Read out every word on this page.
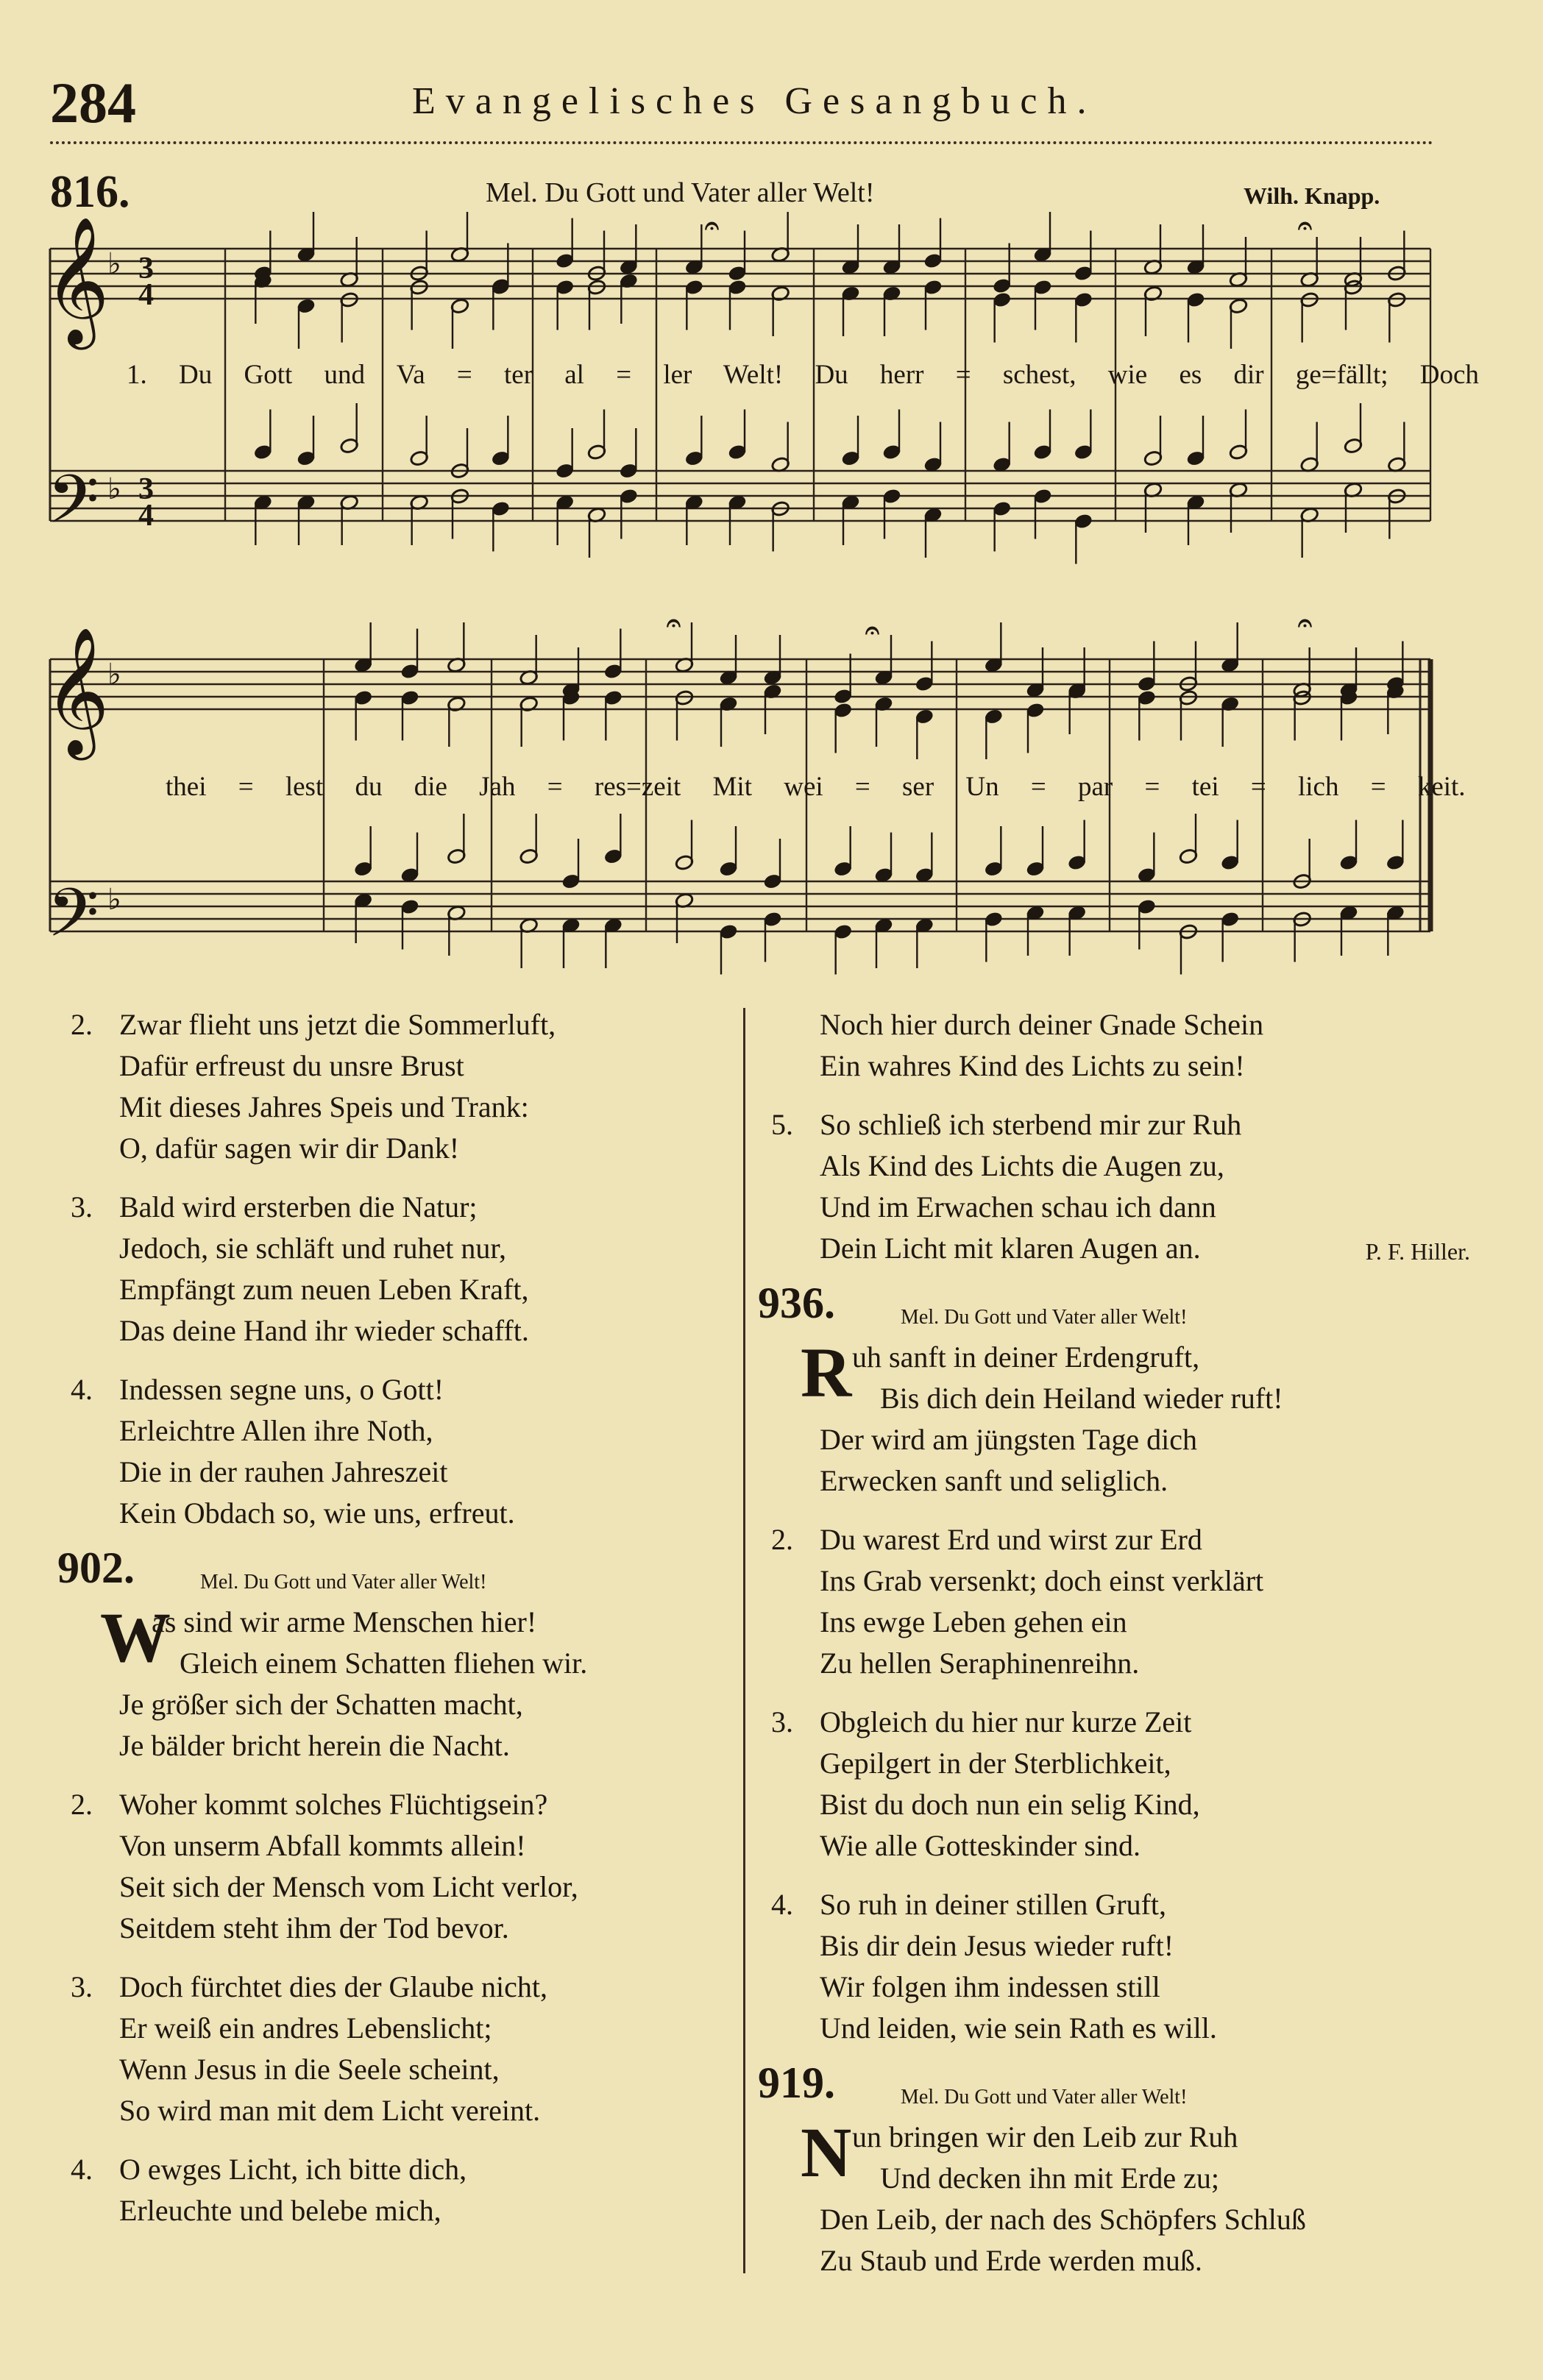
284	Evangelisches Gesangbuch.
816.	Mel. Du Gott und Vater aller Welt!	Wilh. Knapp.
𝄐	𝄐
𝄐	𝄐
𝄐
𝄞
𝄢
𝄞
𝄢
♭
♭
♭
♭
3
4
3
4
1. Du Gott und Va = ter al = ler Welt! Du herr = schest, wie es dir ge=fällt; Doch
thei = lest du die Jah = res=zeit Mit wei = ser Un = par = tei = lich = keit.
2. Zwar flieht uns jetzt die Sommerluft,
Dafür erfreust du unsre Brust
Mit dieses Jahres Speis und Trank:
O, dafür sagen wir dir Dank!
3. Bald wird ersterben die Natur;
Jedoch, sie schläft und ruhet nur,
Empfängt zum neuen Leben Kraft,
Das deine Hand ihr wieder schafft.
4. Indessen segne uns, o Gott!
Erleichtre Allen ihre Noth,
Die in der rauhen Jahreszeit
Kein Obdach so, wie uns, erfreut.
902.	Mel. Du Gott und Vater aller Welt!
W
as sind wir arme Menschen hier!
Gleich einem Schatten fliehen wir.
Je größer sich der Schatten macht,
Je bälder bricht herein die Nacht.
2. Woher kommt solches Flüchtigsein?
Von unserm Abfall kommts allein!
Seit sich der Mensch vom Licht verlor,
Seitdem steht ihm der Tod bevor.
3. Doch fürchtet dies der Glaube nicht,
Er weiß ein andres Lebenslicht;
Wenn Jesus in die Seele scheint,
So wird man mit dem Licht vereint.
4. O ewges Licht, ich bitte dich,
Erleuchte und belebe mich,
Noch hier durch deiner Gnade Schein
Ein wahres Kind des Lichts zu sein!
5. So schließ ich sterbend mir zur Ruh
Als Kind des Lichts die Augen zu,
Und im Erwachen schau ich dann
Dein Licht mit klaren Augen an.	P. F. Hiller.
936.	Mel. Du Gott und Vater aller Welt!
R uh sanft in deiner Erdengruft,
Bis dich dein Heiland wieder ruft!
Der wird am jüngsten Tage dich
Erwecken sanft und seliglich.
2. Du warest Erd und wirst zur Erd
Ins Grab versenkt; doch einst verklärt
Ins ewge Leben gehen ein
Zu hellen Seraphinenreihn.
3. Obgleich du hier nur kurze Zeit
Gepilgert in der Sterblichkeit,
Bist du doch nun ein selig Kind,
Wie alle Gotteskinder sind.
4. So ruh in deiner stillen Gruft,
Bis dir dein Jesus wieder ruft!
Wir folgen ihm indessen still
Und leiden, wie sein Rath es will.
919.	Mel. Du Gott und Vater aller Welt!
N un bringen wir den Leib zur Ruh
Und decken ihn mit Erde zu;
Den Leib, der nach des Schöpfers Schluß
Zu Staub und Erde werden muß.
